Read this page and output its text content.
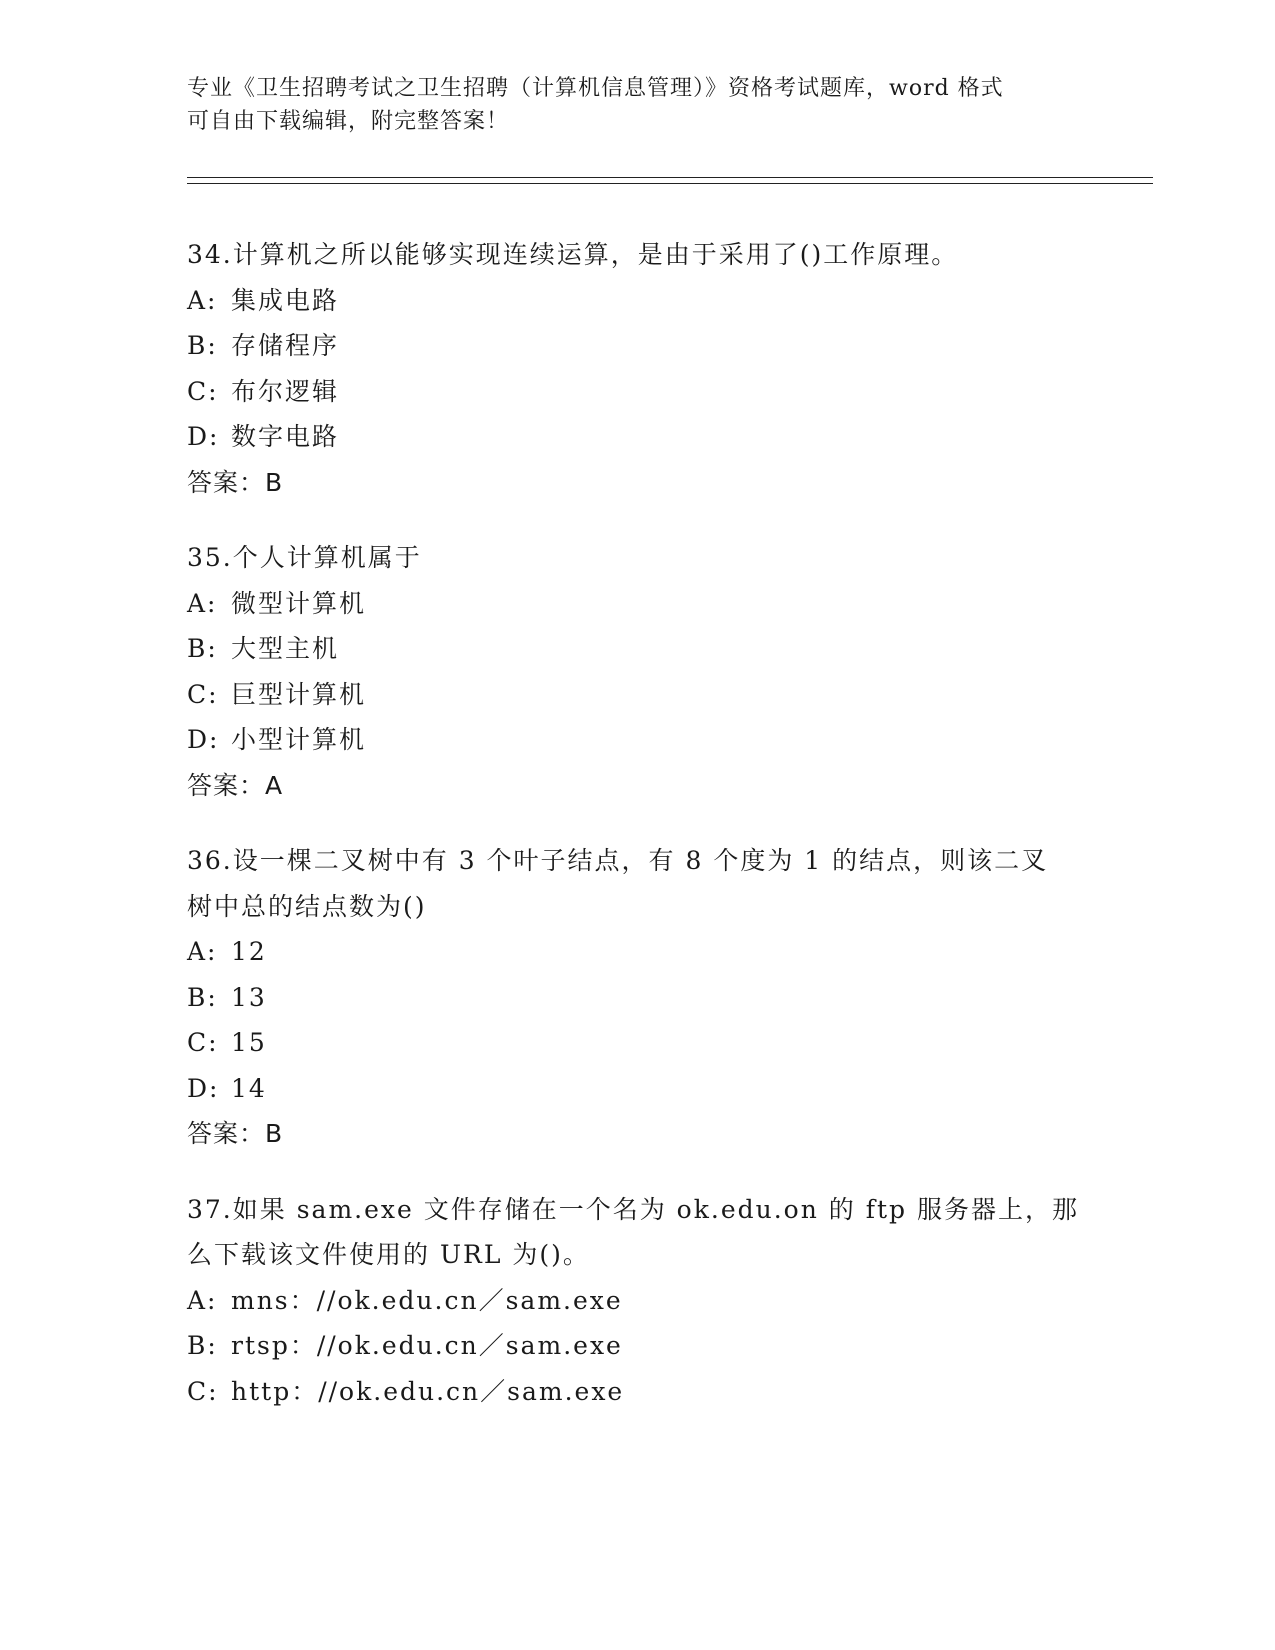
专业《卫生招聘考试之卫生招聘（计算机信息管理）》资格考试题库，word 格式
可自由下载编辑，附完整答案！
34.计算机之所以能够实现连续运算，是由于采用了()工作原理。
A: 集成电路
B: 存储程序
C: 布尔逻辑
D: 数字电路
答案：B
35.个人计算机属于
A: 微型计算机
B: 大型主机
C: 巨型计算机
D: 小型计算机
答案：A
36.设一棵二叉树中有 3 个叶子结点，有 8 个度为 1 的结点，则该二叉
树中总的结点数为()
A: 12
B: 13
C: 15
D: 14
答案：B
37.如果 sam.exe 文件存储在一个名为 ok.edu.on 的 ftp 服务器上，那
么下载该文件使用的 URL 为()。
A: mns：//ok.edu.cn／sam.exe
B: rtsp：//ok.edu.cn／sam.exe
C: http：//ok.edu.cn／sam.exe
